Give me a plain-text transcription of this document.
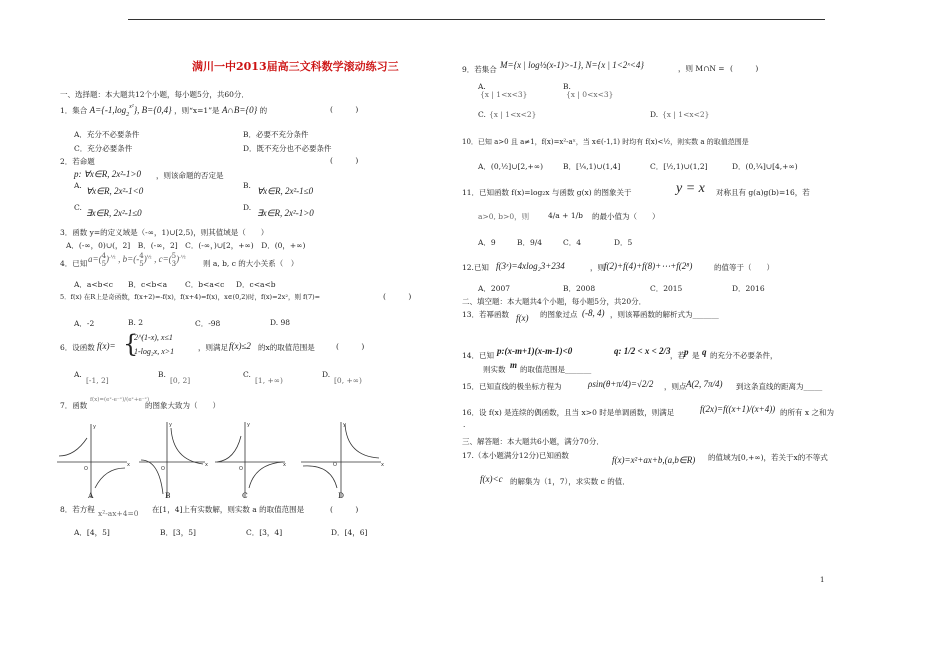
满川一中2013届高三文科数学滚动练习三
一、选择题：本大题共12个小题，每小题5分，共60分．
1．集合 $A=\{-1,\log_2^{x^2}\}$, B={0,4} ，则“x=1”是 A∩B={0} 的	(　　　)
A．充分不必要条件	B．必要不充分条件
C．充分必要条件	D．既不充分也不必要条件
2．若命题
p: ∀x∈R, 2x²-1>0 ，则该命题的否定是
(　　　)
A.
∀x∈R, 2x²-1<0
B.
∀x∈R, 2x²-1≤0
C.
∃x∈R, 2x²-1≤0
D.
∃x∈R, 2x²-1>0
3．函数 y=的定义域是（-∞，1)∪[2,5)，则其值域是（　　）
A．(-∞，0)∪(，2]　B．(-∞，2]　C．(-∞，)∪[2，+∞)　D．(0，+∞)
4．已知 a=(4
5)$^{-\frac{1}{2}}$ , b=(-4
5)$^{\frac{1}{2}}$ , c=(5
3)$^{-\frac{1}{2}}$
则 a, b, c 的大小关系（　）
A．a<b<c B．c<b<a C．b<a<c D．c<a<b
5．f(x) 在R上是奇函数，f(x+2)=-f(x)，f(x+4)=f(x)，x∈(0,2)时，f(x)=2x²，则 f(7)=	(　　　)
A．-2	B. 2	C．-98	D. 98
6．设函数 f(x)= {
2^(1-x), x≤1
1-log₂x, x>1	，则满足 f(x)≤2 的x的取值范围是	(　　　)
A.
[-1, 2]
B.
[0, 2]
C.
[1, +∞)
D.
[0, +∞)
7．函数
f(x)=(eˣ-e⁻ˣ)/(eˣ+e⁻ˣ)
的图象大致为（　　）
y
x
O
y
x
O
y
x
O
y
x
O
A	B	C	D
8．若方程 x²-ax+4=0 在[1，4]上有实数解，则实数 a 的取值范围是	(　　　)
A．[4，5]	B．[3，5]	C．[3，4]	D．[4，6]
9．若集合 M={x | log½(x-1)>-1}, N={x | 1<2ˣ<4}	，则 M∩N = (　　　)
A.
{x | 1<x<3}
B.
{x | 0<x<3}
C. {x | 1<x<2}	D. {x | 1<x<2}
10．已知 a>0 且 a≠1，f(x)=x²-aˣ，当 x∈(-1,1) 时均有 f(x)<½，则实数 a 的取值范围是
A．(0,½]∪[2,+∞)	B．[¼,1)∪(1,4]	C．[½,1)∪(1,2]	D．(0,¼]∪[4,+∞)
11．已知函数 f(x)=log₂x 与函数 g(x) 的图象关于	y = x 对称且有 g(a)g(b)=16，若
a>0, b>0，则	4/a + 1/b 的最小值为（　　）
A．9	B．9/4	C．4	D．5
12.已知 f(3ˣ)=4xlog₂3+234	，则 f(2)+f(4)+f(8)+⋯+f(2⁸)	的值等于（　　）
A．2007	B．2008	C．2015	D．2016
二、填空题：本大题共4个小题，每小题5分，共20分．
13．若幂函数 f(x) 的图象过点 (-8, 4) ，则该幂函数的解析式为_______
14．已知 p:(x-m+1)(x-m-1)<0	q: 1/2 < x < 2/3 ，若 p 是 q 的充分不必要条件，
则实数 m 的取值范围是_______
15．已知直线的极坐标方程为	ρsin(θ+π/4)=√2/2 ，则点 A(2, 7π/4) 到这条直线的距离为_____
16．设 f(x) 是连续的偶函数，且当 x>0 时是单调函数，则满足	f(2x)=f((x+1)/(x+4)) 的所有 x 之和为
.
三、解答题：本大题共6小题，满分70分．
17.（本小题满分12分)已知函数	f(x)=x²+ax+b,(a,b∈R) 的值域为[0,+∞)，若关于x的不等式
f(x)<c 的解集为（1，7），求实数 c 的值．
1
